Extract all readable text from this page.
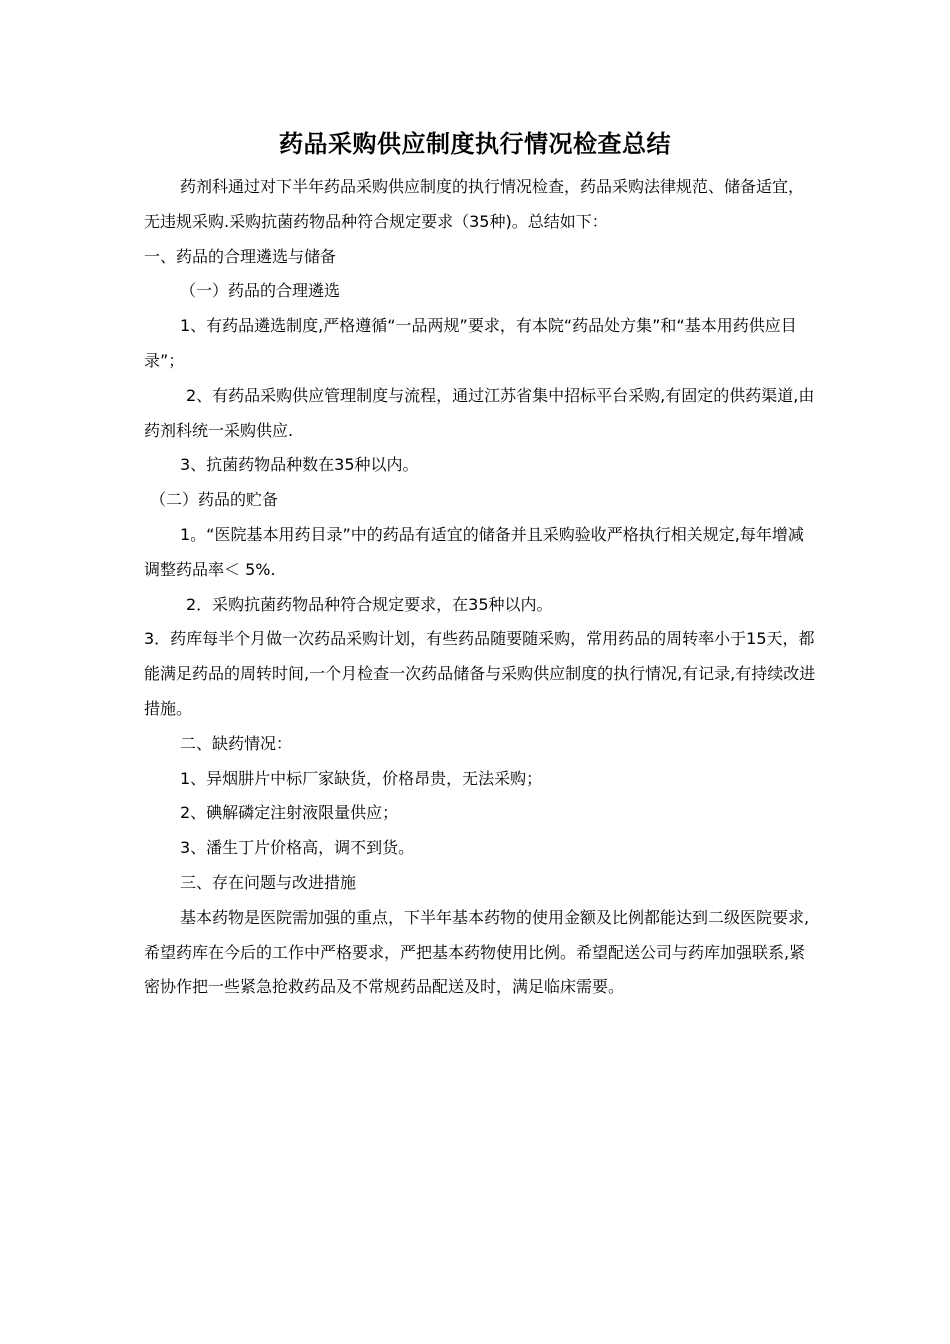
药品采购供应制度执行情况检查总结

药剂科通过对下半年药品采购供应制度的执行情况检查，药品采购法律规范、储备适宜，无违规采购.采购抗菌药物品种符合规定要求（35种)。总结如下：

一、药品的合理遴选与储备

（一）药品的合理遴选

1、有药品遴选制度,严格遵循“一品两规”要求，有本院“药品处方集”和“基本用药供应目录”；

2、有药品采购供应管理制度与流程，通过江苏省集中招标平台采购,有固定的供药渠道,由药剂科统一采购供应.

3、抗菌药物品种数在35种以内。

（二）药品的贮备

1。“医院基本用药目录”中的药品有适宜的储备并且采购验收严格执行相关规定,每年增减调整药品率＜ 5%.

2．采购抗菌药物品种符合规定要求，在35种以内。

3．药库每半个月做一次药品采购计划，有些药品随要随采购，常用药品的周转率小于15天，都能满足药品的周转时间,一个月检查一次药品储备与采购供应制度的执行情况,有记录,有持续改进措施。

二、缺药情况：

1、异烟肼片中标厂家缺货，价格昂贵，无法采购；

2、碘解磷定注射液限量供应；

3、潘生丁片价格高，调不到货。

三、存在问题与改进措施

基本药物是医院需加强的重点，下半年基本药物的使用金额及比例都能达到二级医院要求,希望药库在今后的工作中严格要求，严把基本药物使用比例。希望配送公司与药库加强联系,紧密协作把一些紧急抢救药品及不常规药品配送及时，满足临床需要。
